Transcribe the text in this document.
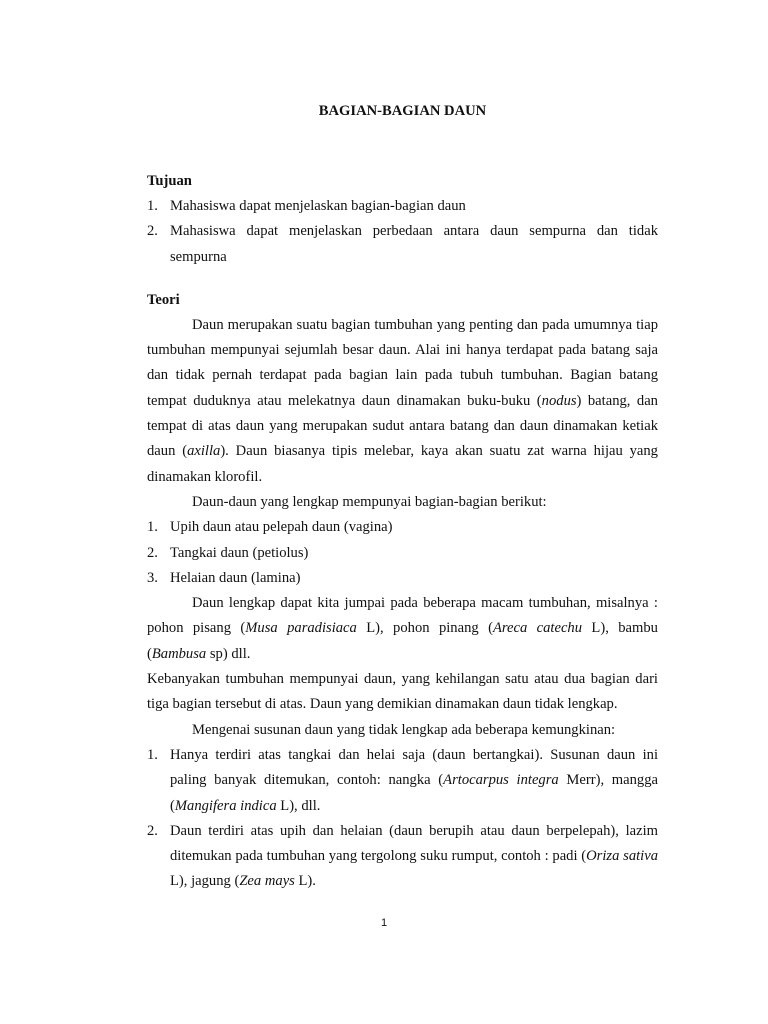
BAGIAN-BAGIAN DAUN
Tujuan
1. Mahasiswa dapat menjelaskan bagian-bagian daun
2. Mahasiswa dapat menjelaskan perbedaan antara daun sempurna dan tidak sempurna
Teori

Daun merupakan suatu bagian tumbuhan yang penting dan pada umumnya tiap tumbuhan mempunyai sejumlah besar daun. Alai ini hanya terdapat pada batang saja dan tidak pernah terdapat pada bagian lain pada tubuh tumbuhan. Bagian batang tempat duduknya atau melekatnya daun dinamakan buku-buku (nodus) batang, dan tempat di atas daun yang merupakan sudut antara batang dan daun dinamakan ketiak daun (axilla). Daun biasanya tipis melebar, kaya akan suatu zat warna hijau yang dinamakan klorofil.

Daun-daun yang lengkap mempunyai bagian-bagian berikut:

1. Upih daun atau pelepah daun (vagina)
2. Tangkai daun (petiolus)
3. Helaian daun (lamina)

Daun lengkap dapat kita jumpai pada beberapa macam tumbuhan, misalnya : pohon pisang (Musa paradisiaca L), pohon pinang (Areca catechu L), bambu (Bambusa sp) dll.

Kebanyakan tumbuhan mempunyai daun, yang kehilangan satu atau dua bagian dari tiga bagian tersebut di atas. Daun yang demikian dinamakan daun tidak lengkap.

Mengenai susunan daun yang tidak lengkap ada beberapa kemungkinan:

1. Hanya terdiri atas tangkai dan helai saja (daun bertangkai). Susunan daun ini paling banyak ditemukan, contoh: nangka (Artocarpus integra Merr), mangga (Mangifera indica L), dll.
2. Daun terdiri atas upih dan helaian (daun berupih atau daun berpelepah), lazim ditemukan pada tumbuhan yang tergolong suku rumput, contoh : padi (Oriza sativa L), jagung (Zea mays L).
1
